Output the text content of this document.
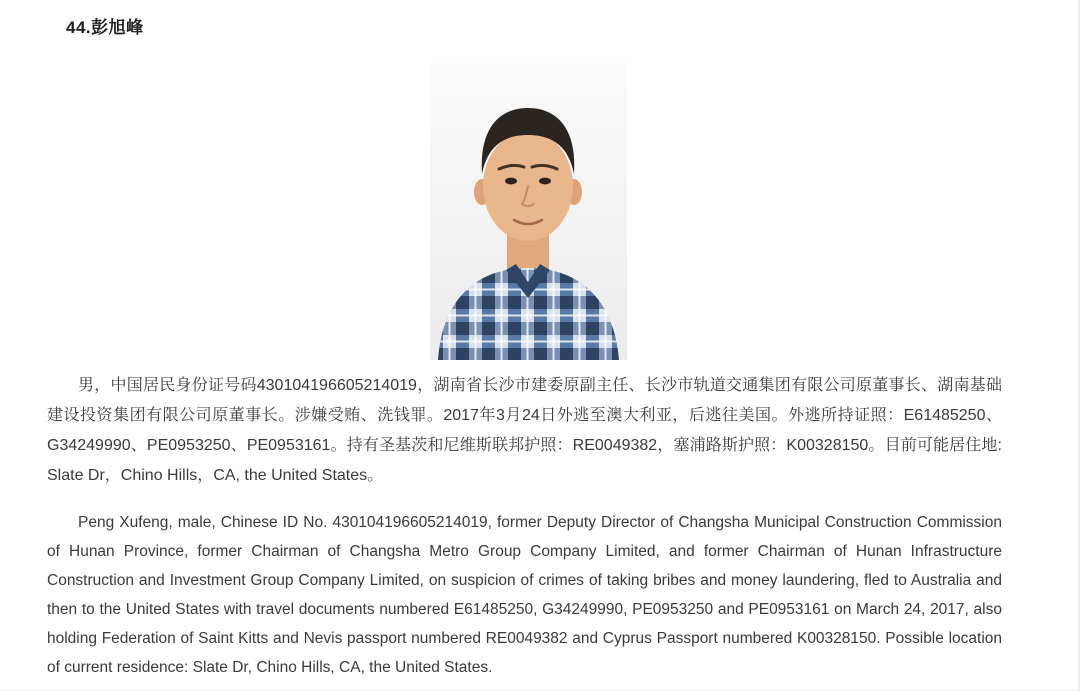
44.彭旭峰

男，中国居民身份证号码430104196605214019，湖南省长沙市建委原副主任、长沙市轨道交通集团有限公司原董事长、湖南基础建设投资集团有限公司原董事长。涉嫌受贿、洗钱罪。2017年3月24日外逃至澳大利亚，后逃往美国。外逃所持证照：E61485250、G34249990、PE0953250、PE0953161。持有圣基茨和尼维斯联邦护照：RE0049382，塞浦路斯护照：K00328150。目前可能居住地: Slate Dr，Chino Hills，CA, the United States。

Peng Xufeng, male, Chinese ID No. 430104196605214019, former Deputy Director of Changsha Municipal Construction Commission of Hunan Province, former Chairman of Changsha Metro Group Company Limited, and former Chairman of Hunan Infrastructure Construction and Investment Group Company Limited, on suspicion of crimes of taking bribes and money laundering, fled to Australia and then to the United States with travel documents numbered E61485250, G34249990, PE0953250 and PE0953161 on March 24, 2017, also holding Federation of Saint Kitts and Nevis passport numbered RE0049382 and Cyprus Passport numbered K00328150. Possible location of current residence: Slate Dr, Chino Hills, CA, the United States.
